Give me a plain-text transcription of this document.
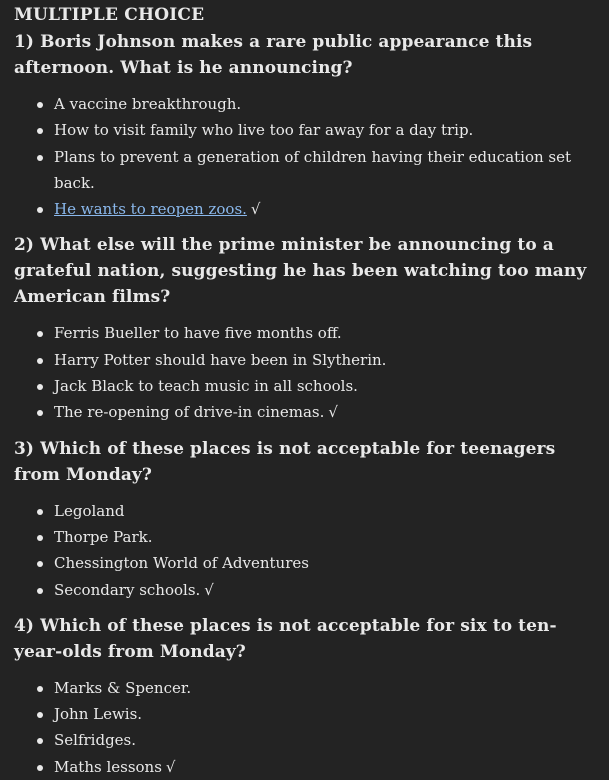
MULTIPLE CHOICE
1) Boris Johnson makes a rare public appearance this afternoon. What is he announcing?
A vaccine breakthrough.
How to visit family who live too far away for a day trip.
Plans to prevent a generation of children having their education set back.
He wants to reopen zoos. √
2) What else will the prime minister be announcing to a grateful nation, suggesting he has been watching too many American films?
Ferris Bueller to have five months off.
Harry Potter should have been in Slytherin.
Jack Black to teach music in all schools.
The re-opening of drive-in cinemas. √
3) Which of these places is not acceptable for teenagers from Monday?
Legoland
Thorpe Park.
Chessington World of Adventures
Secondary schools. √
4) Which of these places is not acceptable for six to ten-year-olds from Monday?
Marks & Spencer.
John Lewis.
Selfridges.
Maths lessons √
